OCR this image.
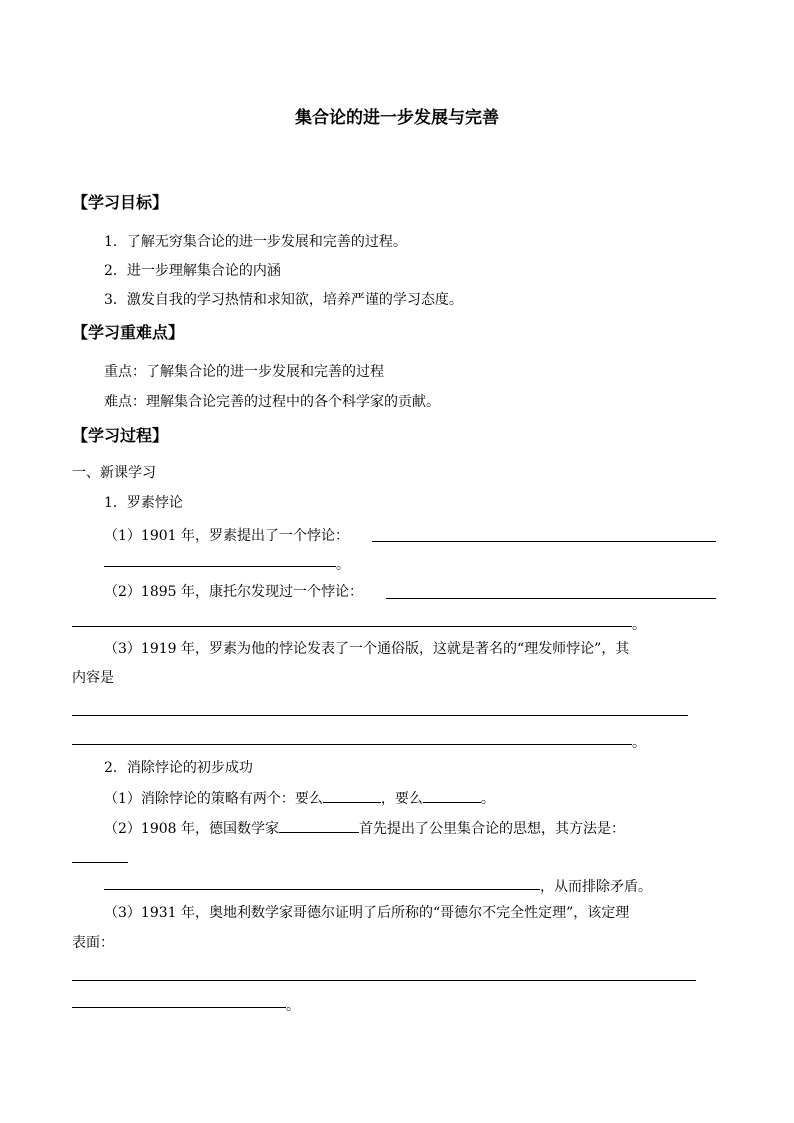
集合论的进一步发展与完善
【学习目标】
1．了解无穷集合论的进一步发展和完善的过程。
2．进一步理解集合论的内涵
3．激发自我的学习热情和求知欲，培养严谨的学习态度。
【学习重难点】
重点：了解集合论的进一步发展和完善的过程
难点：理解集合论完善的过程中的各个科学家的贡献。
【学习过程】
一、新课学习
1．罗素悖论
（1）1901 年，罗素提出了一个悖论：
。
（2）1895 年，康托尔发现过一个悖论：
。
（3）1919 年，罗素为他的悖论发表了一个通俗版，这就是著名的“理发师悖论”，其
内容是
。
2．消除悖论的初步成功
（1）消除悖论的策略有两个：要么	，要么	。
（2）1908 年，德国数学家	首先提出了公里集合论的思想，其方法是：
，从而排除矛盾。
（3）1931 年，奥地利数学家哥德尔证明了后所称的“哥德尔不完全性定理”，该定理
表面：
。
